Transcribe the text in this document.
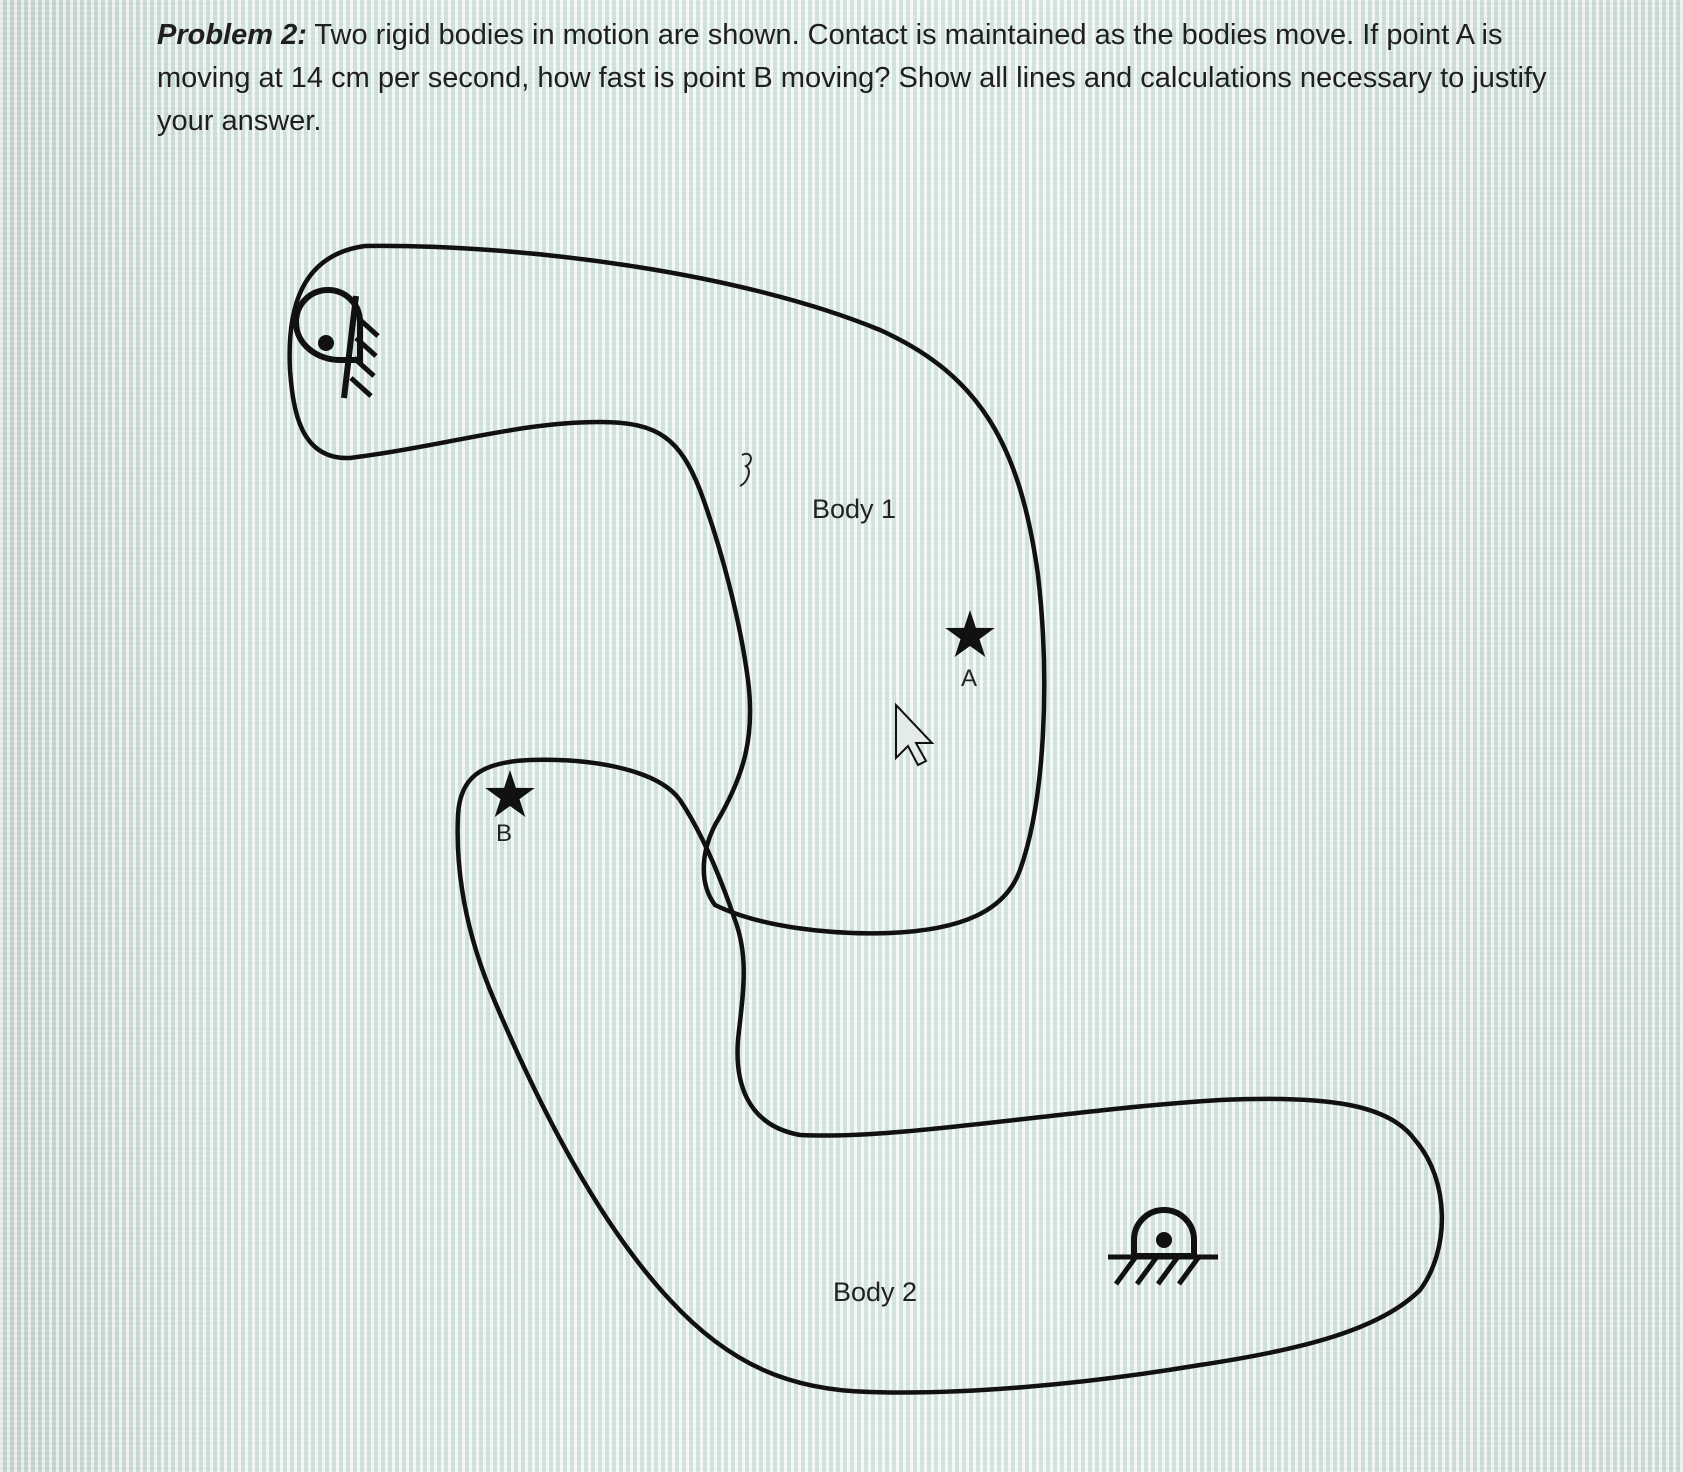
Problem 2: Two rigid bodies in motion are shown. Contact is maintained as the bodies move. If point A is moving at 14 cm per second, how fast is point B moving? Show all lines and calculations necessary to justify your answer.

Body 1
Body 2
A
B
